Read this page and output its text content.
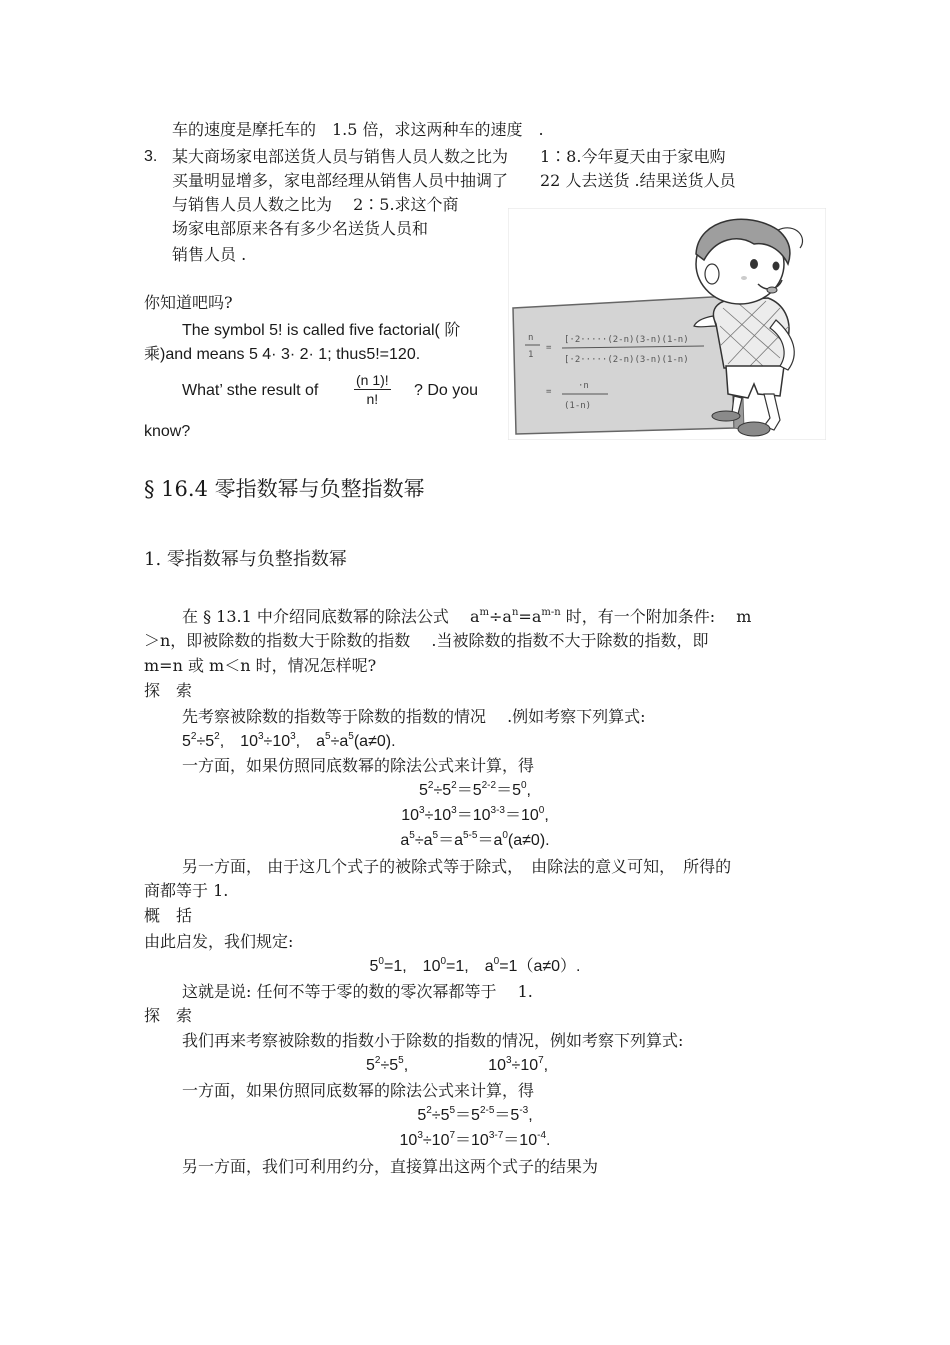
车的速度是摩托车的　1.5 倍，求这两种车的速度　.
3. 某大商场家电部送货人员与销售人员人数之比为　　1∶8.今年夏天由于家电购
买量明显增多，家电部经理从销售人员中抽调了　　22 人去送货 .结果送货人员
与销售人员人数之比为　 2∶5.求这个商
场家电部原来各有多少名送货人员和
销售人员 .
你知道吧吗?
The symbol 5! is called five factorial( 阶
乘)and means 5 4· 3· 2· 1; thus5!=120.
What’ sthe result of	$\frac{(n 1)!}{n!}$ ? Do you
know?
n
1
=
[·2·····(2-n)(3-n)(1-n)
[·2·····(2-n)(3-n)(1-n)
=
·n
(1-n)
§ 16.4 零指数幂与负整指数幂
1. 零指数幂与负整指数幂
在 § 13.1 中介绍同底数幂的除法公式　 $a^m\div a^n=a^{m-n}$ 时，有一个附加条件:　 m
＞n，即被除数的指数大于除数的指数　 .当被除数的指数不大于除数的指数，即
m=n 或 m＜n 时，情况怎样呢?
探　索
先考察被除数的指数等于除数的指数的情况　 .例如考察下列算式:
$5^2\div 5^2$,　$10^3\div 10^3$,　$a^5\div a^5(a\ne 0)$.
一方面，如果仿照同底数幂的除法公式来计算，得
$5^2\div 5^2=5^{2-2}=5^0$,
$10^3\div 10^3=10^{3-3}=10^0$,
$a^5\div a^5=a^{5-5}=a^0(a\ne 0)$.
另一方面， 由于这几个式子的被除式等于除式，　由除法的意义可知，　所得的
商都等于 1.
概　括
由此启发，我们规定:
$5^0=1$,　$10^0=1$,　$a^0=1(a\ne 0)$.
这就是说: 任何不等于零的数的零次幂都等于　 1.
探　索
我们再来考察被除数的指数小于除数的指数的情况，例如考察下列算式:
$5^2\div 5^5$,　　　　　$10^3\div 10^7$,
一方面，如果仿照同底数幂的除法公式来计算，得
$5^2\div 5^5=5^{2-5}=5^{-3}$,
$10^3\div 10^7=10^{3-7}=10^{-4}$.
另一方面，我们可利用约分，直接算出这两个式子的结果为
